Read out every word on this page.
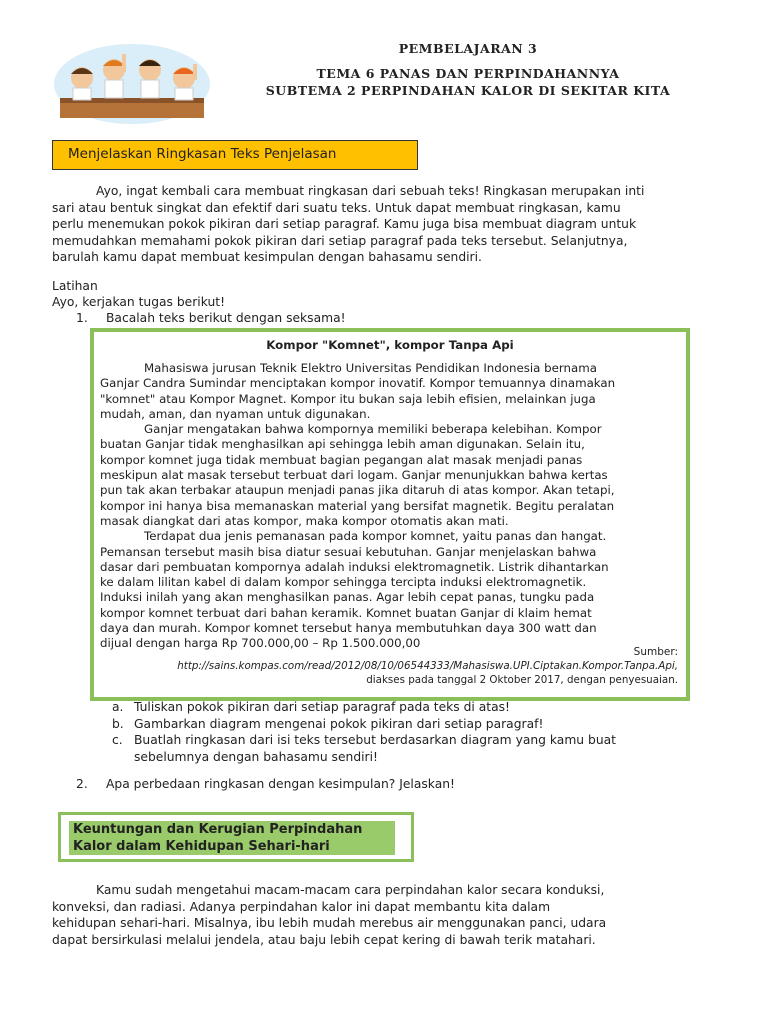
PEMBELAJARAN 3
TEMA 6 PANAS DAN PERPINDAHANNYA
SUBTEMA 2 PERPINDAHAN KALOR DI SEKITAR KITA
Menjelaskan Ringkasan Teks Penjelasan
Ayo, ingat kembali cara membuat ringkasan dari sebuah teks! Ringkasan merupakan inti
sari atau bentuk singkat dan efektif dari suatu teks. Untuk dapat membuat ringkasan, kamu
perlu menemukan pokok pikiran dari setiap paragraf. Kamu juga bisa membuat diagram untuk
memudahkan memahami pokok pikiran dari setiap paragraf pada teks tersebut. Selanjutnya,
barulah kamu dapat membuat kesimpulan dengan bahasamu sendiri.
Latihan
Ayo, kerjakan tugas berikut!
1. Bacalah teks berikut dengan seksama!
Kompor "Komnet", kompor Tanpa Api
Mahasiswa jurusan Teknik Elektro Universitas Pendidikan Indonesia bernama
Ganjar Candra Sumindar menciptakan kompor inovatif. Kompor temuannya dinamakan
"komnet" atau Kompor Magnet. Kompor itu bukan saja lebih efisien, melainkan juga
mudah, aman, dan nyaman untuk digunakan.
Ganjar mengatakan bahwa kompornya memiliki beberapa kelebihan. Kompor
buatan Ganjar tidak menghasilkan api sehingga lebih aman digunakan. Selain itu,
kompor komnet juga tidak membuat bagian pegangan alat masak menjadi panas
meskipun alat masak tersebut terbuat dari logam. Ganjar menunjukkan bahwa kertas
pun tak akan terbakar ataupun menjadi panas jika ditaruh di atas kompor. Akan tetapi,
kompor ini hanya bisa memanaskan material yang bersifat magnetik. Begitu peralatan
masak diangkat dari atas kompor, maka kompor otomatis akan mati.
Terdapat dua jenis pemanasan pada kompor komnet, yaitu panas dan hangat.
Pemansan tersebut masih bisa diatur sesuai kebutuhan. Ganjar menjelaskan bahwa
dasar dari pembuatan kompornya adalah induksi elektromagnetik. Listrik dihantarkan
ke dalam lilitan kabel di dalam kompor sehingga tercipta induksi elektromagnetik.
Induksi inilah yang akan menghasilkan panas. Agar lebih cepat panas, tungku pada
kompor komnet terbuat dari bahan keramik. Komnet buatan Ganjar di klaim hemat
daya dan murah. Kompor komnet tersebut hanya membutuhkan daya 300 watt dan
dijual dengan harga Rp 700.000,00 – Rp 1.500.000,00
Sumber:
http://sains.kompas.com/read/2012/08/10/06544333/Mahasiswa.UPI.Ciptakan.Kompor.Tanpa.Api,
diakses pada tanggal 2 Oktober 2017, dengan penyesuaian.
a. Tuliskan pokok pikiran dari setiap paragraf pada teks di atas!
b. Gambarkan diagram mengenai pokok pikiran dari setiap paragraf!
c. Buatlah ringkasan dari isi teks tersebut berdasarkan diagram yang kamu buat
sebelumnya dengan bahasamu sendiri!
2. Apa perbedaan ringkasan dengan kesimpulan? Jelaskan!
Keuntungan dan Kerugian Perpindahan
Kalor dalam Kehidupan Sehari-hari
Kamu sudah mengetahui macam-macam cara perpindahan kalor secara konduksi,
konveksi, dan radiasi. Adanya perpindahan kalor ini dapat membantu kita dalam
kehidupan sehari-hari. Misalnya, ibu lebih mudah merebus air menggunakan panci, udara
dapat bersirkulasi melalui jendela, atau baju lebih cepat kering di bawah terik matahari.
